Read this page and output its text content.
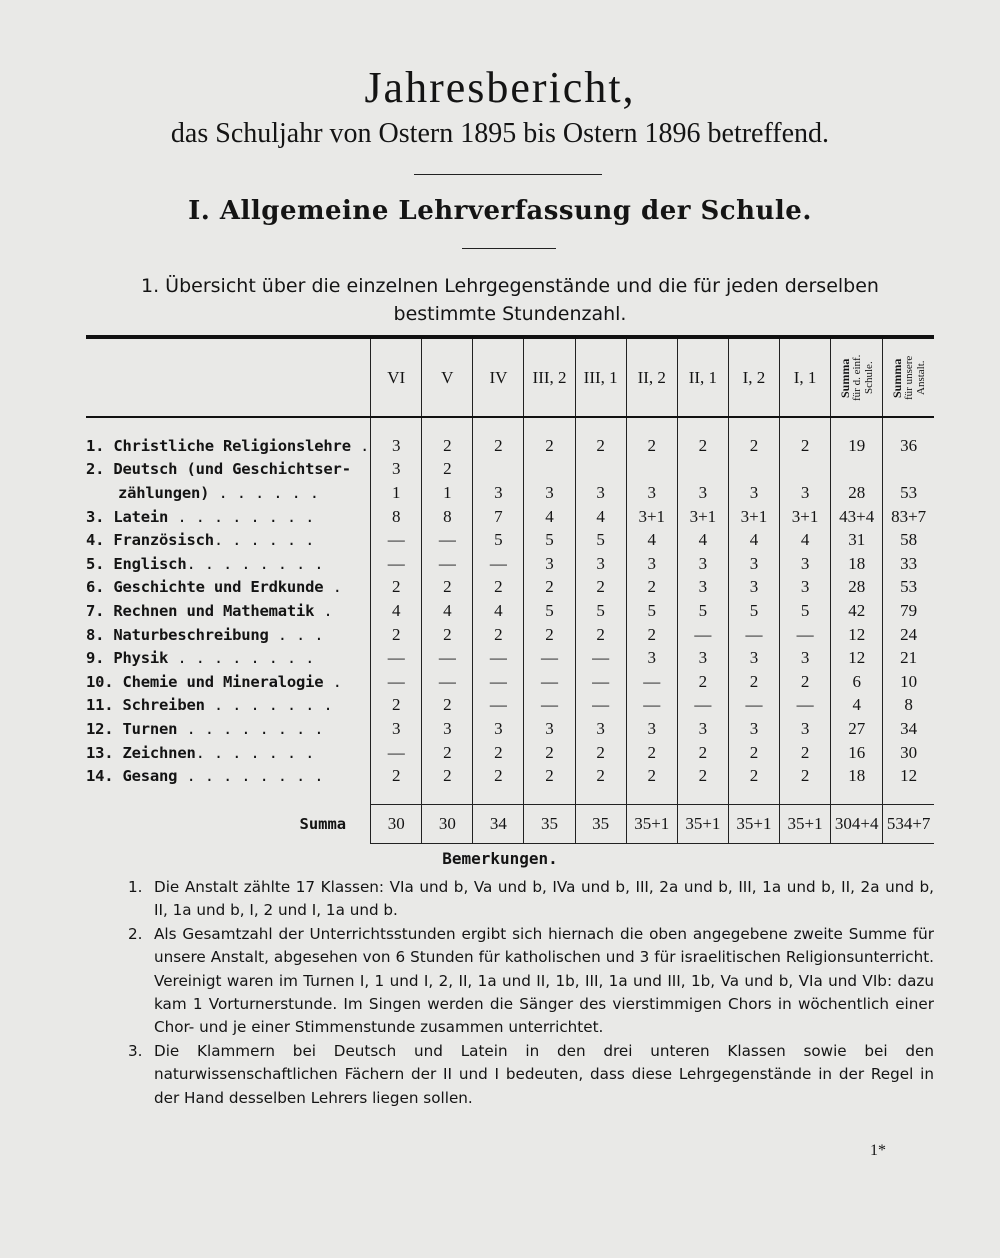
Jahresbericht,
das Schuljahr von Ostern 1895 bis Ostern 1896 betreffend.
I. Allgemeine Lehrverfassung der Schule.
1. Übersicht über die einzelnen Lehrgegenstände und die für jeden derselben
bestimmte Stundenzahl.
	VI	V	IV	III, 2	III, 1	II, 2	II, 1	I, 2	I, 1	Summa
für d. einf. Schule.	Summa
für unsere Anstalt.

1. Christliche Religionslehre .	3	2	2	2	2	2	2	2	2	19	36
2. Deutsch (und Geschichtser-	3	2									
zählungen) . . . . . .	1	1	3	3	3	3	3	3	3	28	53
3. Latein . . . . . . . .	8	8	7	4	4	3+1	3+1	3+1	3+1	43+4	83+7
4. Französisch. . . . . .	—	—	5	5	5	4	4	4	4	31	58
5. Englisch. . . . . . . .	—	—	—	3	3	3	3	3	3	18	33
6. Geschichte und Erdkunde .	2	2	2	2	2	2	3	3	3	28	53
7. Rechnen und Mathematik .	4	4	4	5	5	5	5	5	5	42	79
8. Naturbeschreibung . . .	2	2	2	2	2	2	—	—	—	12	24
9. Physik . . . . . . . .	—	—	—	—	—	3	3	3	3	12	21
10. Chemie und Mineralogie .	—	—	—	—	—	—	2	2	2	6	10
11. Schreiben . . . . . . .	2	2	—	—	—	—	—	—	—	4	8
12. Turnen . . . . . . . .	3	3	3	3	3	3	3	3	3	27	34
13. Zeichnen. . . . . . .	—	2	2	2	2	2	2	2	2	16	30
14. Gesang . . . . . . . .	2	2	2	2	2	2	2	2	2	18	12

Summa	30	30	34	35	35	35+1	35+1	35+1	35+1	304+4	534+7
Bemerkungen.
1. Die Anstalt zählte 17 Klassen: VIa und b, Va und b, IVa und b, III, 2a und b, III, 1a und b, II, 2a und b, II, 1a und b, I, 2 und I, 1a und b.
2. Als Gesamtzahl der Unterrichtsstunden ergibt sich hiernach die oben angegebene zweite Summe für unsere Anstalt, abgesehen von 6 Stunden für katholischen und 3 für israelitischen Religionsunterricht. Vereinigt waren im Turnen I, 1 und I, 2, II, 1a und II, 1b, III, 1a und III, 1b, Va und b, VIa und VIb: dazu kam 1 Vorturnerstunde. Im Singen werden die Sänger des vierstimmigen Chors in wöchentlich einer Chor- und je einer Stimmenstunde zusammen unterrichtet.
3. Die Klammern bei Deutsch und Latein in den drei unteren Klassen sowie bei den naturwissenschaftlichen Fächern der II und I bedeuten, dass diese Lehrgegenstände in der Regel in der Hand desselben Lehrers liegen sollen.
1*
